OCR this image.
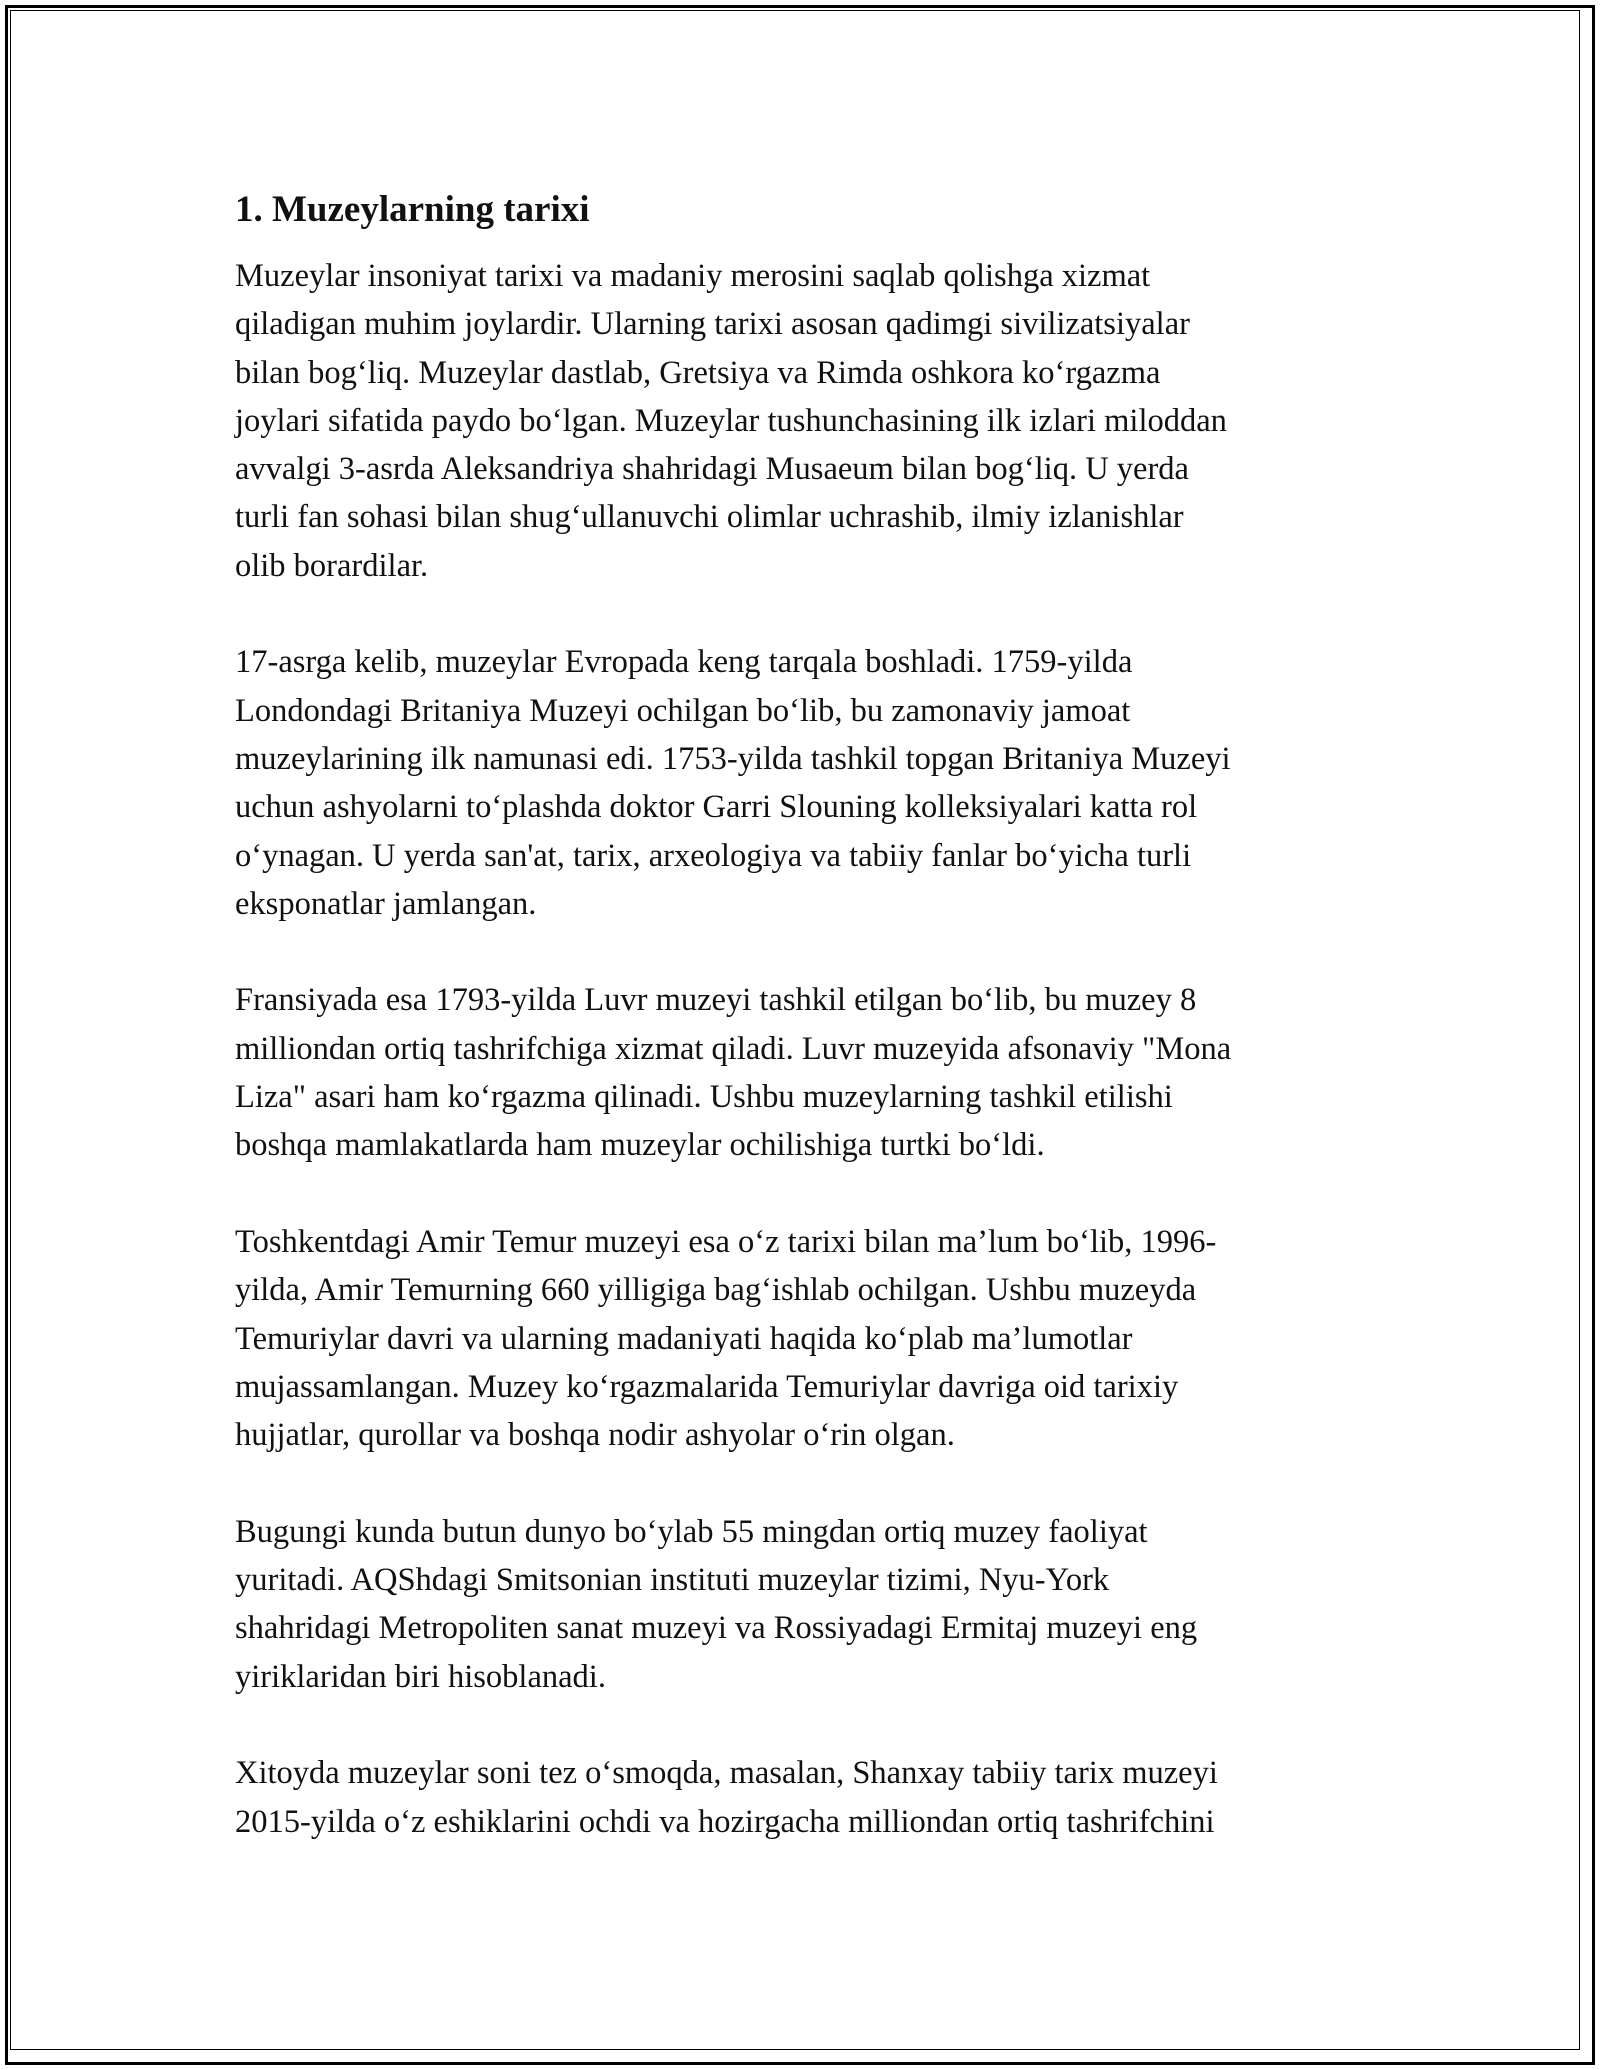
1. Muzeylarning tarixi

Muzeylar insoniyat tarixi va madaniy merosini saqlab qolishga xizmat
qiladigan muhim joylardir. Ularning tarixi asosan qadimgi sivilizatsiyalar
bilan bog‘liq. Muzeylar dastlab, Gretsiya va Rimda oshkora ko‘rgazma
joylari sifatida paydo bo‘lgan. Muzeylar tushunchasining ilk izlari miloddan
avvalgi 3-asrda Aleksandriya shahridagi Musaeum bilan bog‘liq. U yerda
turli fan sohasi bilan shug‘ullanuvchi olimlar uchrashib, ilmiy izlanishlar
olib borardilar.

17-asrga kelib, muzeylar Evropada keng tarqala boshladi. 1759-yilda
Londondagi Britaniya Muzeyi ochilgan bo‘lib, bu zamonaviy jamoat
muzeylarining ilk namunasi edi. 1753-yilda tashkil topgan Britaniya Muzeyi
uchun ashyolarni to‘plashda doktor Garri Slouning kolleksiyalari katta rol
o‘ynagan. U yerda san'at, tarix, arxeologiya va tabiiy fanlar bo‘yicha turli
eksponatlar jamlangan.

Fransiyada esa 1793-yilda Luvr muzeyi tashkil etilgan bo‘lib, bu muzey 8
milliondan ortiq tashrifchiga xizmat qiladi. Luvr muzeyida afsonaviy "Mona
Liza" asari ham ko‘rgazma qilinadi. Ushbu muzeylarning tashkil etilishi
boshqa mamlakatlarda ham muzeylar ochilishiga turtki bo‘ldi.

Toshkentdagi Amir Temur muzeyi esa o‘z tarixi bilan ma’lum bo‘lib, 1996-
yilda, Amir Temurning 660 yilligiga bag‘ishlab ochilgan. Ushbu muzeyda
Temuriylar davri va ularning madaniyati haqida ko‘plab ma’lumotlar
mujassamlangan. Muzey ko‘rgazmalarida Temuriylar davriga oid tarixiy
hujjatlar, qurollar va boshqa nodir ashyolar o‘rin olgan.

Bugungi kunda butun dunyo bo‘ylab 55 mingdan ortiq muzey faoliyat
yuritadi. AQShdagi Smitsonian instituti muzeylar tizimi, Nyu-York
shahridagi Metropoliten sanat muzeyi va Rossiyadagi Ermitaj muzeyi eng
yiriklaridan biri hisoblanadi.

Xitoyda muzeylar soni tez o‘smoqda, masalan, Shanxay tabiiy tarix muzeyi
2015-yilda o‘z eshiklarini ochdi va hozirgacha milliondan ortiq tashrifchini
